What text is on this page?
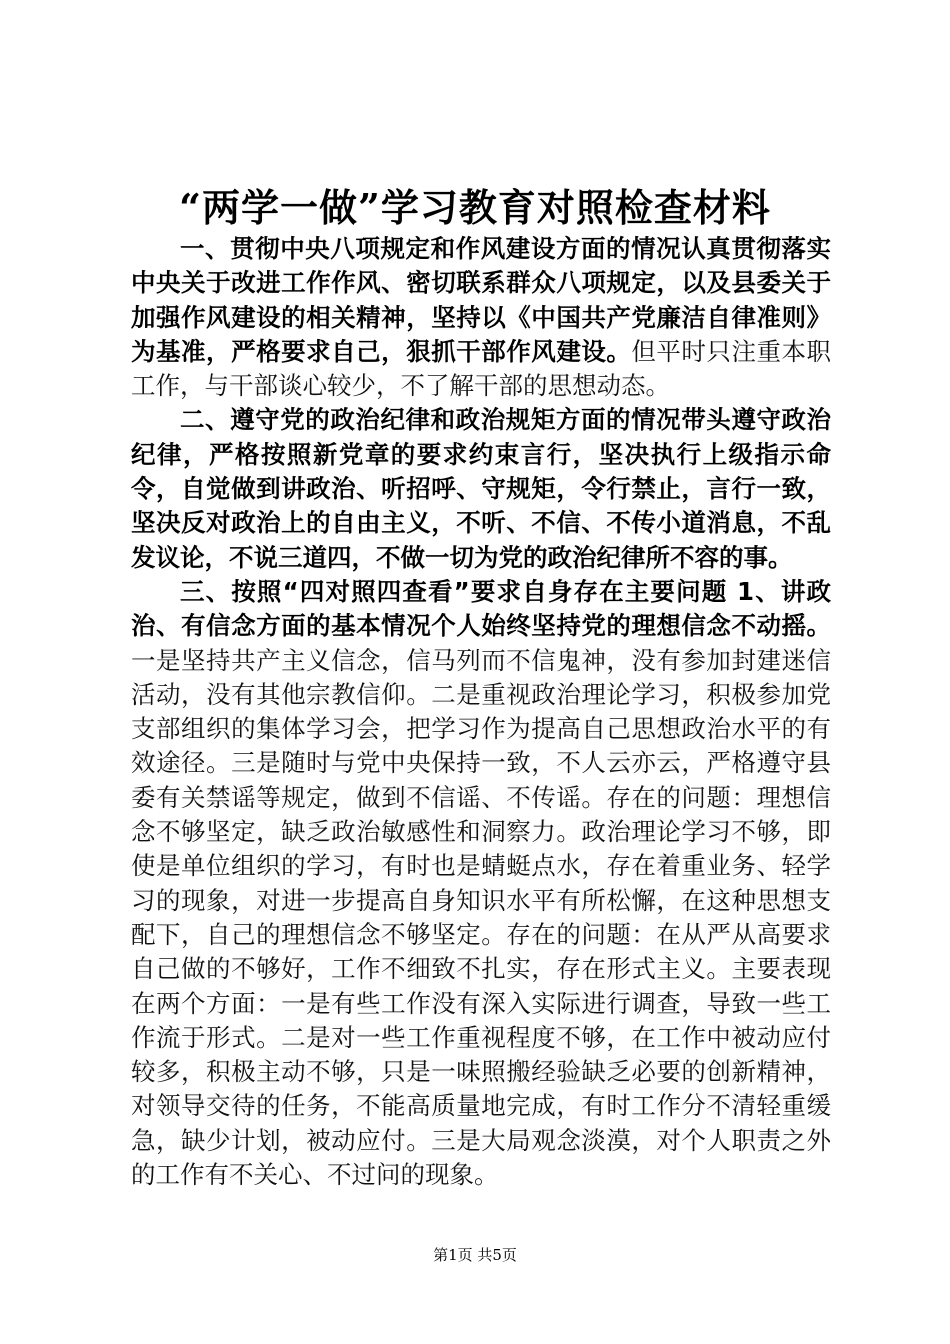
“两学一做”学习教育对照检查材料

一、贯彻中央八项规定和作风建设方面的情况认真贯彻落实中央关于改进工作作风、密切联系群众八项规定，以及县委关于加强作风建设的相关精神，坚持以《中国共产党廉洁自律准则》为基准，严格要求自己，狠抓干部作风建设。但平时只注重本职工作，与干部谈心较少，不了解干部的思想动态。

二、遵守党的政治纪律和政治规矩方面的情况带头遵守政治纪律，严格按照新党章的要求约束言行，坚决执行上级指示命令，自觉做到讲政治、听招呼、守规矩，令行禁止，言行一致，坚决反对政治上的自由主义，不听、不信、不传小道消息，不乱发议论，不说三道四，不做一切为党的政治纪律所不容的事。

三、按照“四对照四查看”要求自身存在主要问题 1、讲政治、有信念方面的基本情况个人始终坚持党的理想信念不动摇。一是坚持共产主义信念，信马列而不信鬼神，没有参加封建迷信活动，没有其他宗教信仰。二是重视政治理论学习，积极参加党支部组织的集体学习会，把学习作为提高自己思想政治水平的有效途径。三是随时与党中央保持一致，不人云亦云，严格遵守县委有关禁谣等规定，做到不信谣、不传谣。存在的问题：理想信念不够坚定，缺乏政治敏感性和洞察力。政治理论学习不够，即使是单位组织的学习，有时也是蜻蜓点水，存在着重业务、轻学习的现象，对进一步提高自身知识水平有所松懈，在这种思想支配下，自己的理想信念不够坚定。存在的问题：在从严从高要求自己做的不够好，工作不细致不扎实，存在形式主义。主要表现在两个方面：一是有些工作没有深入实际进行调查，导致一些工作流于形式。二是对一些工作重视程度不够，在工作中被动应付较多，积极主动不够，只是一味照搬经验缺乏必要的创新精神，对领导交待的任务，不能高质量地完成，有时工作分不清轻重缓急，缺少计划，被动应付。三是大局观念淡漠，对个人职责之外的工作有不关心、不过问的现象。

第1页 共5页
